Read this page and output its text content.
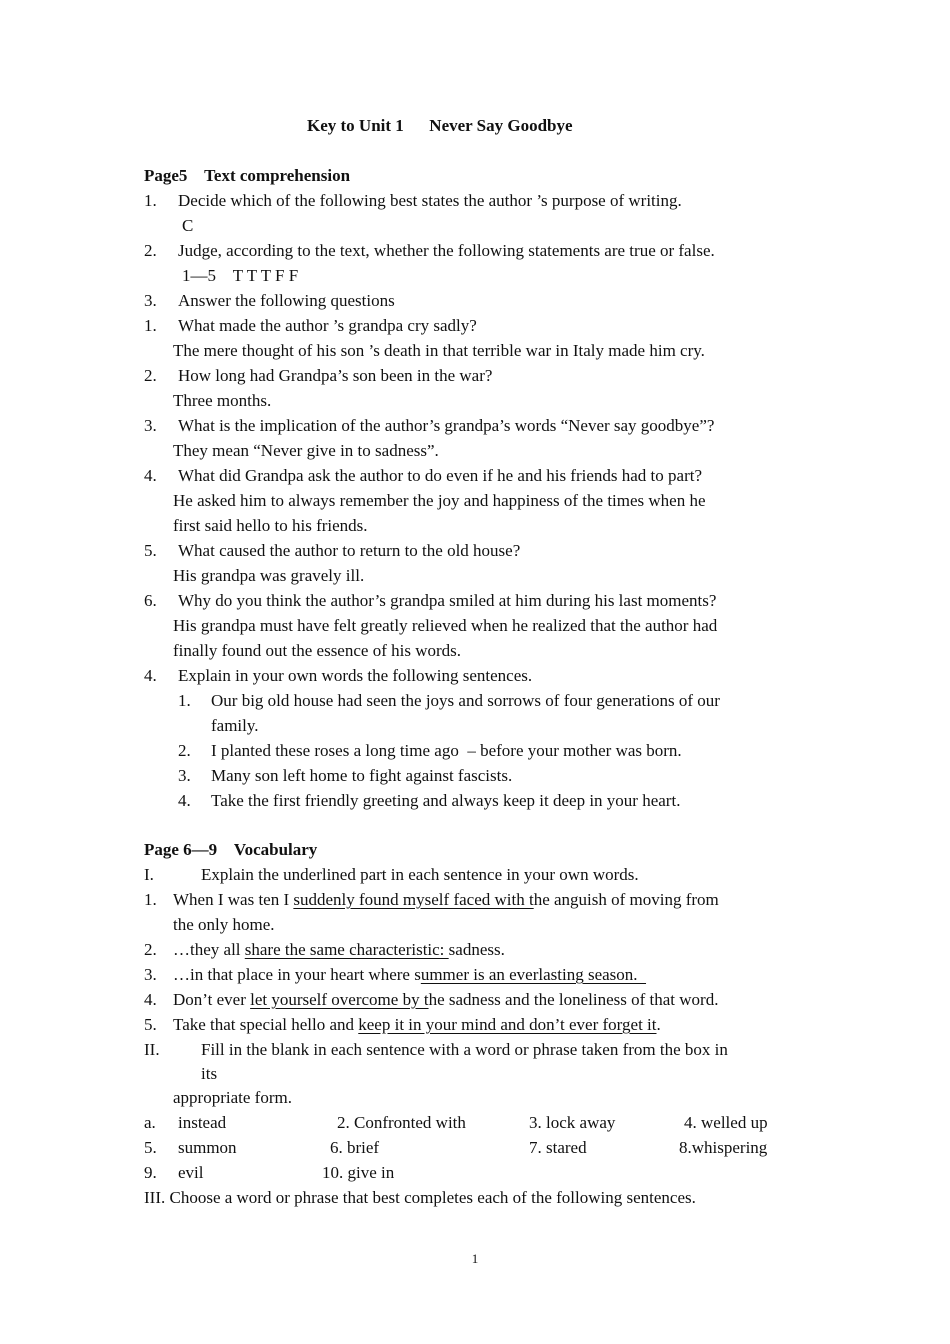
Key to Unit 1      Never Say Goodbye
Page5    Text comprehension
1. Decide which of the following best states the author ’s purpose of writing.
C
2. Judge, according to the text, whether the following statements are true or false.
1—5    T T T F F
3. Answer the following questions
1. What made the author ’s grandpa cry sadly?
The mere thought of his son ’s death in that terrible war in Italy made him cry.
2. How long had Grandpa’s son been in the war?
Three months.
3. What is the implication of the author’s grandpa’s words “Never say goodbye”?
They mean “Never give in to sadness”.
4. What did Grandpa ask the author to do even if he and his friends had to part?
He asked him to always remember the joy and happiness of the times when he
first said hello to his friends.
5. What caused the author to return to the old house?
His grandpa was gravely ill.
6. Why do you think the author’s grandpa smiled at him during his last moments?
His grandpa must have felt greatly relieved when he realized that the author had
finally found out the essence of his words.
4. Explain in your own words the following sentences.
1. Our big old house had seen the joys and sorrows of four generations of our
family.
2. I planted these roses a long time ago  – before your mother was born.
3. Many son left home to fight against fascists.
4. Take the first friendly greeting and always keep it deep in your heart.
Page 6—9    Vocabulary
I.	Explain the underlined part in each sentence in your own words.
1. When I was ten I suddenly found myself faced with the anguish of moving from
the only home.
2. …they all share the same characteristic: sadness.
3. …in that place in your heart where summer is an everlasting season.
4. Don’t ever let yourself overcome by the sadness and the loneliness of that word.
5. Take that special hello and keep it in your mind and don’t ever forget it.
II. Fill in the blank in each sentence with a word or phrase taken from the box in
its
appropriate form.
a. instead	2. Confronted with	3. lock away	4. welled up
5. summon	6. brief	7. stared	8.whispering
9. evil	10. give in
III. Choose a word or phrase that best completes each of the following sentences.
1
